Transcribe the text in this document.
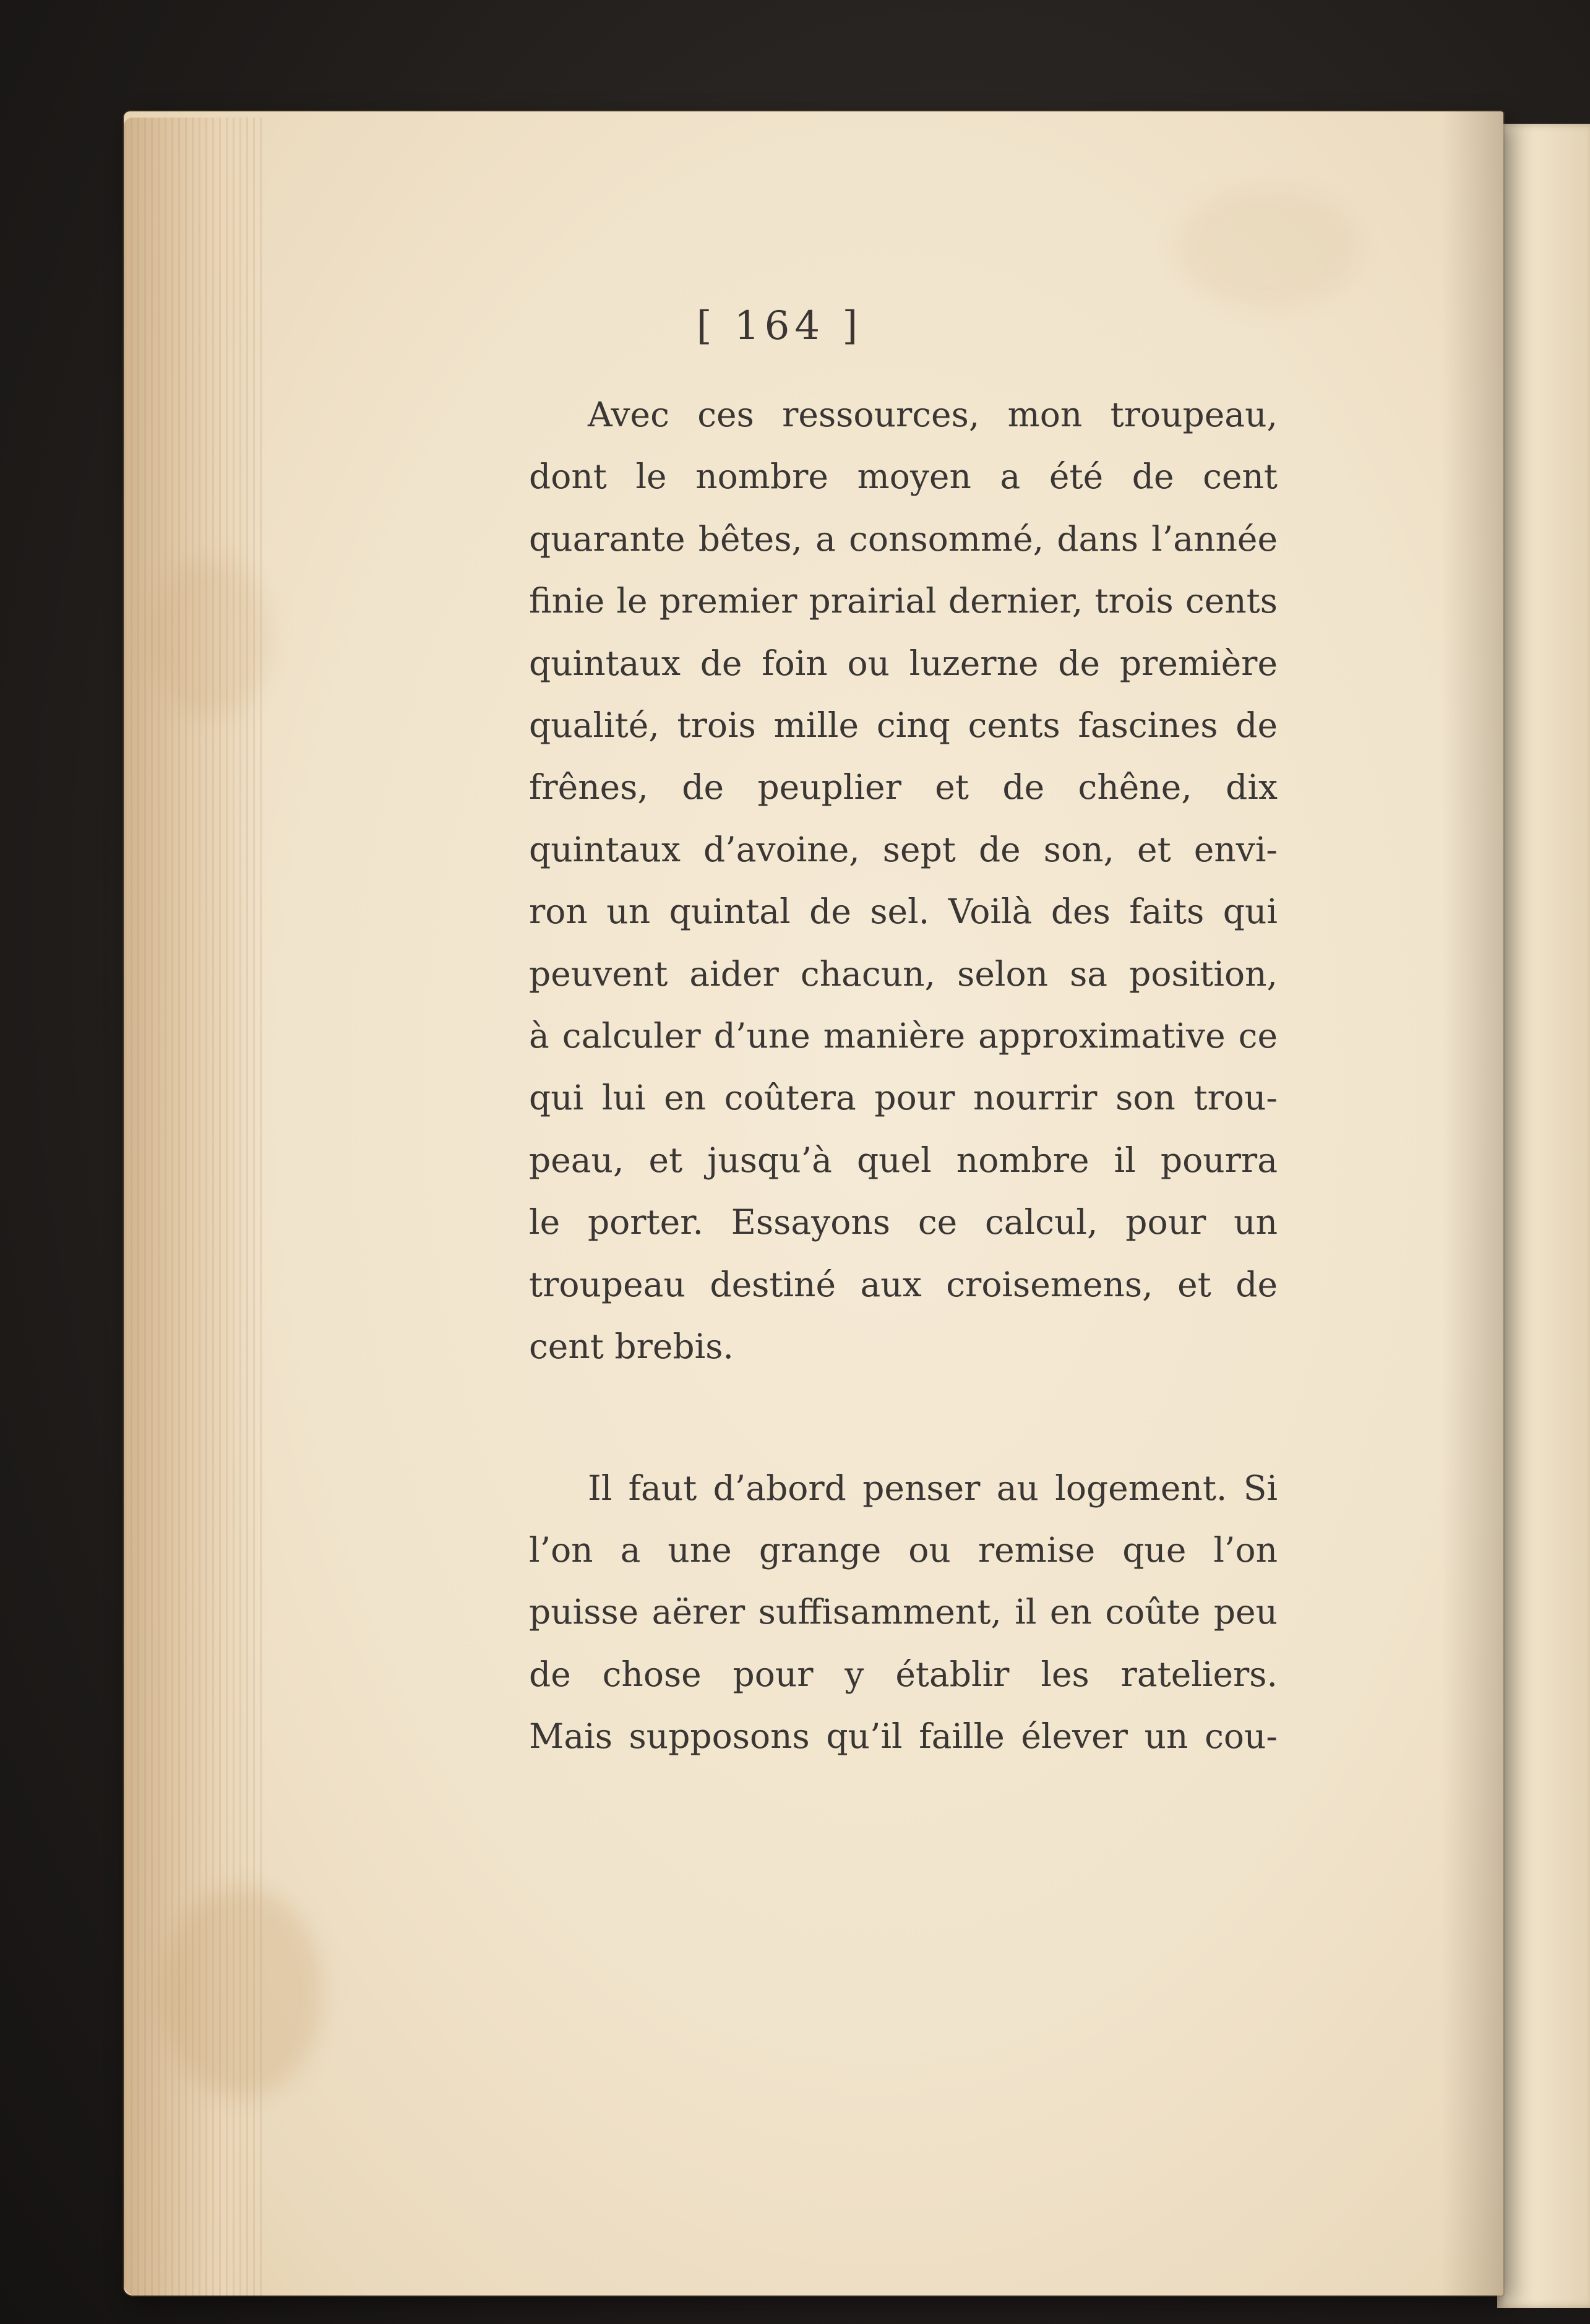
[ 164 ]

Avec ces ressources, mon troupeau,
dont le nombre moyen a été de cent
quarante bêtes, a consommé, dans l’année
finie le premier prairial dernier, trois cents
quintaux de foin ou luzerne de première
qualité, trois mille cinq cents fascines de
frênes, de peuplier et de chêne, dix
quintaux d’avoine, sept de son, et envi-
ron un quintal de sel. Voilà des faits qui
peuvent aider chacun, selon sa position,
à calculer d’une manière approximative ce
qui lui en coûtera pour nourrir son trou-
peau, et jusqu’à quel nombre il pourra
le porter. Essayons ce calcul, pour un
troupeau destiné aux croisemens, et de
cent brebis.

Il faut d’abord penser au logement. Si
l’on a une grange ou remise que l’on
puisse aërer suffisamment, il en coûte peu
de chose pour y établir les rateliers.
Mais supposons qu’il faille élever un cou-
